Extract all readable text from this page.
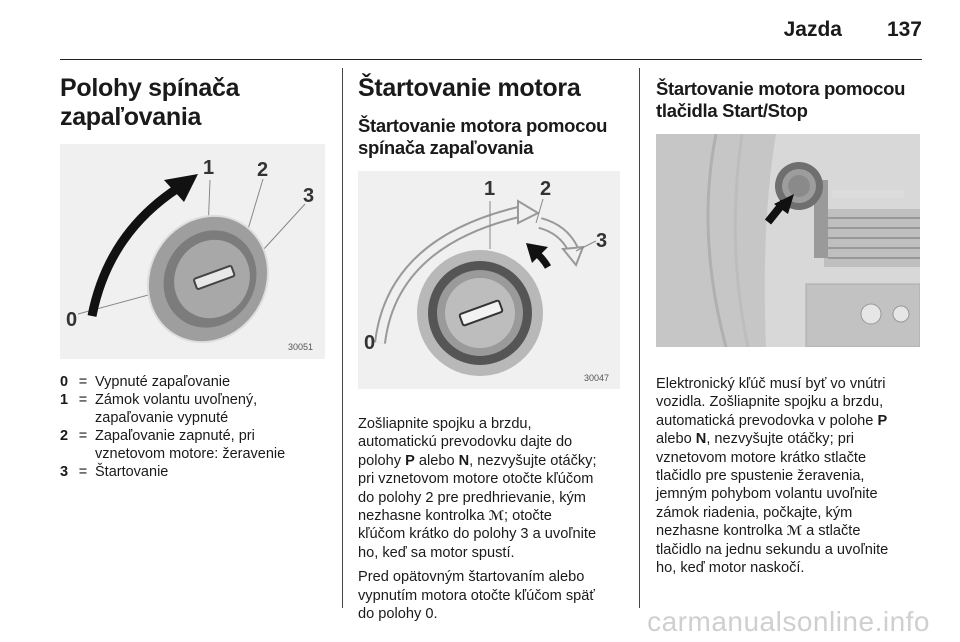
Jazda 137
Polohy spínača
zapaľovania
1 2
3
0
30051
0 = Vypnuté zapaľovanie
1 = Zámok volantu uvoľnený, zapaľovanie vypnuté
2 = Zapaľovanie zapnuté, pri vznetovom motore: žeravenie
3 = Štartovanie
Štartovanie motora
Štartovanie motora pomocou
spínača zapaľovania
1 2
3
0
30047

Zošliapnite spojku a brzdu,
automatickú prevodovku dajte do
polohy P alebo N, nezvyšujte otáčky;
pri vznetovom motore otočte kľúčom
do polohy 2 pre predhrievanie, kým
nezhasne kontrolka ℳ; otočte
kľúčom krátko do polohy 3 a uvoľnite
ho, keď sa motor spustí.

Pred opätovným štartovaním alebo
vypnutím motora otočte kľúčom späť
do polohy 0.

Štartovanie motora pomocou
tlačidla Start/Stop

Elektronický kľúč musí byť vo vnútri
vozidla. Zošliapnite spojku a brzdu,
automatická prevodovka v polohe P
alebo N, nezvyšujte otáčky; pri
vznetovom motore krátko stlačte
tlačidlo pre spustenie žeravenia,
jemným pohybom volantu uvoľnite
zámok riadenia, počkajte, kým
nezhasne kontrolka ℳ a stlačte
tlačidlo na jednu sekundu a uvoľnite
ho, keď motor naskočí.

carmanualsonline.info
